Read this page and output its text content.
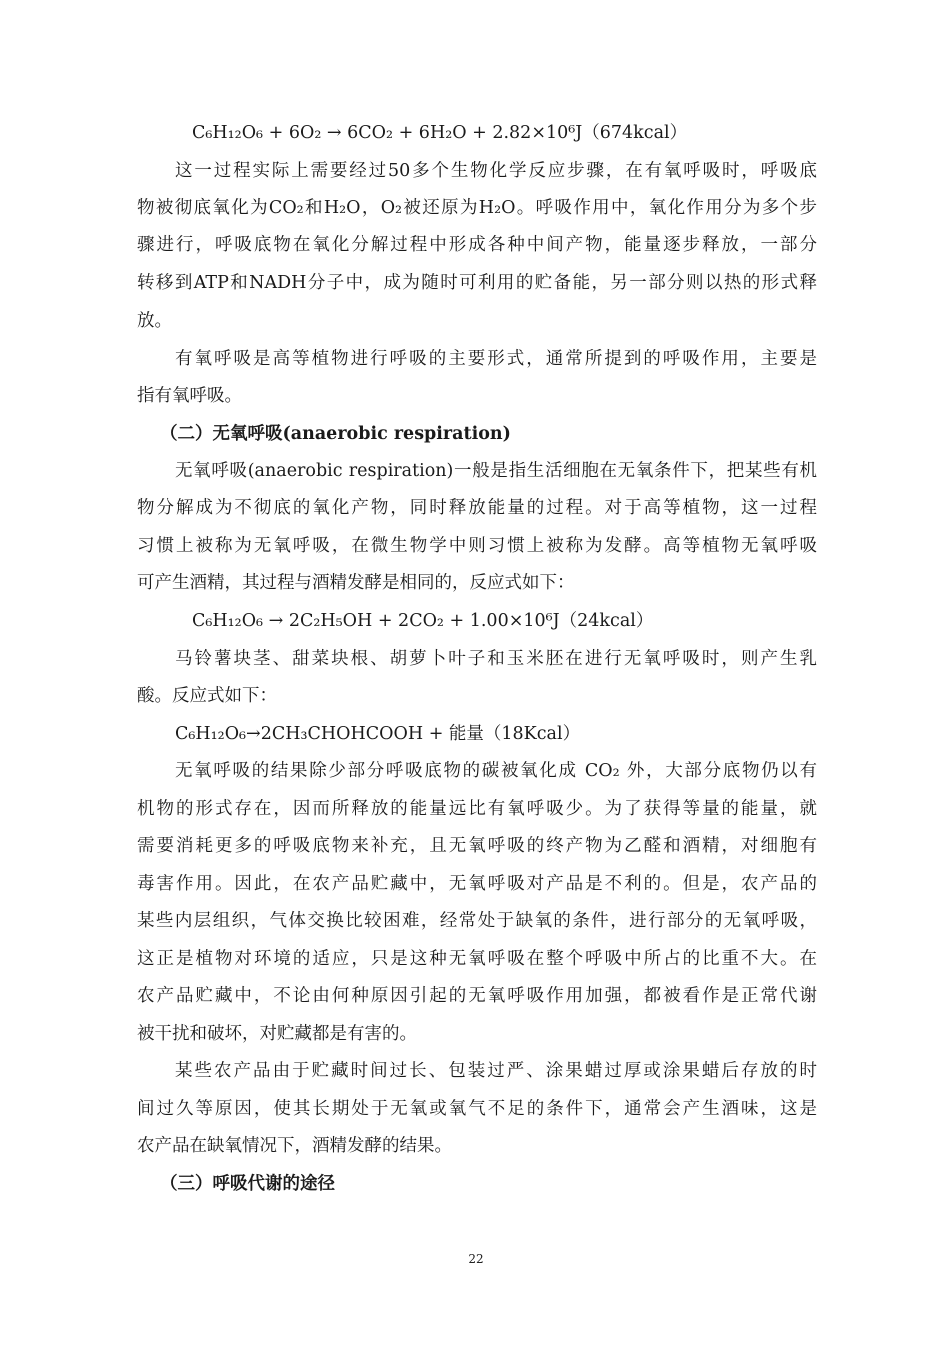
C₆H₁₂O₆ + 6O₂ → 6CO₂ + 6H₂O + 2.82×10⁶J（674kcal）
这一过程实际上需要经过50多个生物化学反应步骤，在有氧呼吸时，呼吸底
物被彻底氧化为CO₂和H₂O，O₂被还原为H₂O。呼吸作用中，氧化作用分为多个步
骤进行，呼吸底物在氧化分解过程中形成各种中间产物，能量逐步释放，一部分
转移到ATP和NADH分子中，成为随时可利用的贮备能，另一部分则以热的形式释
放。
有氧呼吸是高等植物进行呼吸的主要形式，通常所提到的呼吸作用，主要是
指有氧呼吸。
（二）无氧呼吸(anaerobic respiration)
无氧呼吸(anaerobic respiration)一般是指生活细胞在无氧条件下，把某些有机
物分解成为不彻底的氧化产物，同时释放能量的过程。对于高等植物，这一过程
习惯上被称为无氧呼吸，在微生物学中则习惯上被称为发酵。高等植物无氧呼吸
可产生酒精，其过程与酒精发酵是相同的，反应式如下：
C₆H₁₂O₆ → 2C₂H₅OH + 2CO₂ + 1.00×10⁶J（24kcal）
马铃薯块茎、甜菜块根、胡萝卜叶子和玉米胚在进行无氧呼吸时，则产生乳
酸。反应式如下：
C₆H₁₂O₆→2CH₃CHOHCOOH + 能量（18Kcal）
无氧呼吸的结果除少部分呼吸底物的碳被氧化成 CO₂ 外，大部分底物仍以有
机物的形式存在，因而所释放的能量远比有氧呼吸少。为了获得等量的能量，就
需要消耗更多的呼吸底物来补充，且无氧呼吸的终产物为乙醛和酒精，对细胞有
毒害作用。因此，在农产品贮藏中，无氧呼吸对产品是不利的。但是，农产品的
某些内层组织，气体交换比较困难，经常处于缺氧的条件，进行部分的无氧呼吸，
这正是植物对环境的适应，只是这种无氧呼吸在整个呼吸中所占的比重不大。在
农产品贮藏中，不论由何种原因引起的无氧呼吸作用加强，都被看作是正常代谢
被干扰和破坏，对贮藏都是有害的。
某些农产品由于贮藏时间过长、包装过严、涂果蜡过厚或涂果蜡后存放的时
间过久等原因，使其长期处于无氧或氧气不足的条件下，通常会产生酒味，这是
农产品在缺氧情况下，酒精发酵的结果。
（三）呼吸代谢的途径
22
